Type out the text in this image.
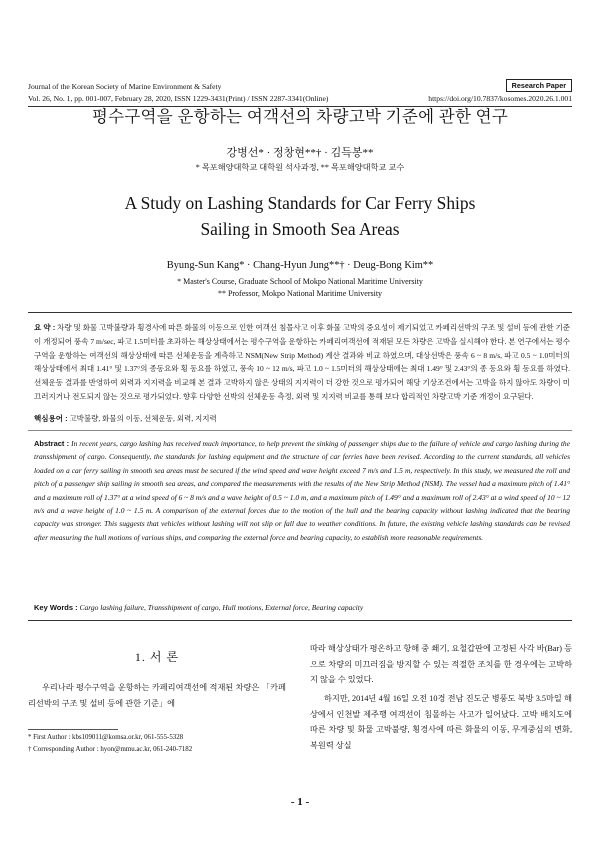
Journal of the Korean Society of Marine Environment & Safety	Research Paper
Vol. 26, No. 1, pp. 001-007, February 28, 2020, ISSN 1229-3431(Print) / ISSN 2287-3341(Online)	https://doi.org/10.7837/kosomes.2020.26.1.001
평수구역을 운항하는 여객선의 차량고박 기준에 관한 연구
강병선* · 정창현**† · 김득봉**
* 목포해양대학교 대학원 석사과정, ** 목포해양대학교 교수
A Study on Lashing Standards for Car Ferry Ships
Sailing in Smooth Sea Areas
Byung-Sun Kang* · Chang-Hyun Jung**† · Deug-Bong Kim**
* Master's Course, Graduate School of Mokpo National Maritime University
** Professor, Mokpo National Maritime University
요 약 : 차량 및 화물 고박불량과 횡경사에 따른 화물의 이동으로 인한 여객선 침몰사고 이후 화물 고박의 중요성이 제기되었고 카페리선박의 구조 및 설비 등에 관한 기준이 개정되어 풍속 7 m/sec, 파고 1.5미터를 초과하는 해상상태에서는 평수구역을 운항하는 카페리여객선에 적재된 모든 차량은 고박을 실시해야 한다. 본 연구에서는 평수구역을 운항하는 여객선의 해상상태에 따른 선체운동을 계측하고 NSM(New Strip Method) 계산 결과와 비교 하였으며, 대상선박은 풍속 6 ~ 8 m/s, 파고 0.5 ~ 1.0미터의 해상상태에서 최대 1.41° 및 1.37°의 종동요와 횡 동요를 하였고, 풍속 10 ~ 12 m/s, 파고 1.0 ~ 1.5미터의 해상상태에는 최대 1.49° 및 2.43°의 종 동요와 횡 동요를 하였다. 선체운동 결과를 반영하여 외력과 지지력을 비교해 본 결과 고박하지 않은 상태의 지지력이 더 강한 것으로 평가되어 해당 기상조건에서는 고박을 하지 않아도 차량이 미끄러지거나 전도되지 않는 것으로 평가되었다. 향후 다양한 선박의 선체운동 측정, 외력 및 지지력 비교를 통해 보다 합리적인 차량고박 기준 개정이 요구된다.
핵심용어 : 고박불량, 화물의 이동, 선체운동, 외력, 지지력
Abstract : In recent years, cargo lashing has received much importance, to help prevent the sinking of passenger ships due to the failure of vehicle and cargo lashing during the transshipment of cargo. Consequently, the standards for lashing equipment and the structure of car ferries have been revised. According to the current standards, all vehicles loaded on a car ferry sailing in smooth sea areas must be secured if the wind speed and wave height exceed 7 m/s and 1.5 m, respectively. In this study, we measured the roll and pitch of a passenger ship sailing in smooth sea areas, and compared the measurements with the results of the New Strip Method (NSM). The vessel had a maximum pitch of 1.41° and a maximum roll of 1.37° at a wind speed of 6 ~ 8 m/s and a wave height of 0.5 ~ 1.0 m, and a maximum pitch of 1.49° and a maximum roll of 2.43° at a wind speed of 10 ~ 12 m/s and a wave height of 1.0 ~ 1.5 m. A comparison of the external forces due to the motion of the hull and the bearing capacity without lashing indicated that the bearing capacity was stronger. This suggests that vehicles without lashing will not slip or fall due to weather conditions. In future, the existing vehicle lashing standards can be revised after measuring the hull motions of various ships, and comparing the external force and bearing capacity, to establish more reasonable requirements.
Key Words : Cargo lashing failure, Transshipment of cargo, Hull motions, External force, Bearing capacity
1. 서 론
우리나라 평수구역을 운항하는 카페리여객선에 적재된 차량은 「카페리선박의 구조 및 설비 등에 관한 기준」에
* First Author : kbs109011@komsa.or.kr, 061-555-5328
† Corresponding Author : hyon@mmu.ac.kr, 061-240-7182
따라 해상상태가 평온하고 항해 중 쐐기, 요철갑판에 고정된 사각 바(Bar) 등으로 차량의 미끄러짐을 방지할 수 있는 적절한 조치를 한 경우에는 고박하지 않을 수 있었다.
하지만, 2014년 4월 16일 오전 10경 전남 진도군 병풍도 북방 3.5마일 해상에서 인천발 제주행 여객선이 침몰하는 사고가 일어났다. 고박 배치도에 따른 차량 및 화물 고박불량, 횡경사에 따른 화물의 이동, 무게중심의 변화, 복원력 상실
- 1 -
